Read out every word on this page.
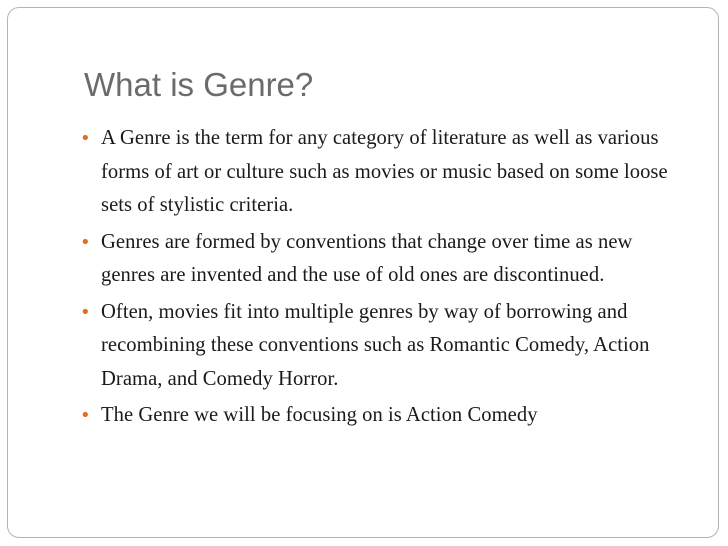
What is Genre?
• A Genre is the term for any category of literature as well as various forms of art or culture such as movies or music based on some loose sets of stylistic criteria.
• Genres are formed by conventions that change over time as new genres are invented and the use of old ones are discontinued.
• Often, movies fit into multiple genres by way of borrowing and recombining these conventions such as Romantic Comedy, Action Drama, and Comedy Horror.
• The Genre we will be focusing on is Action Comedy
